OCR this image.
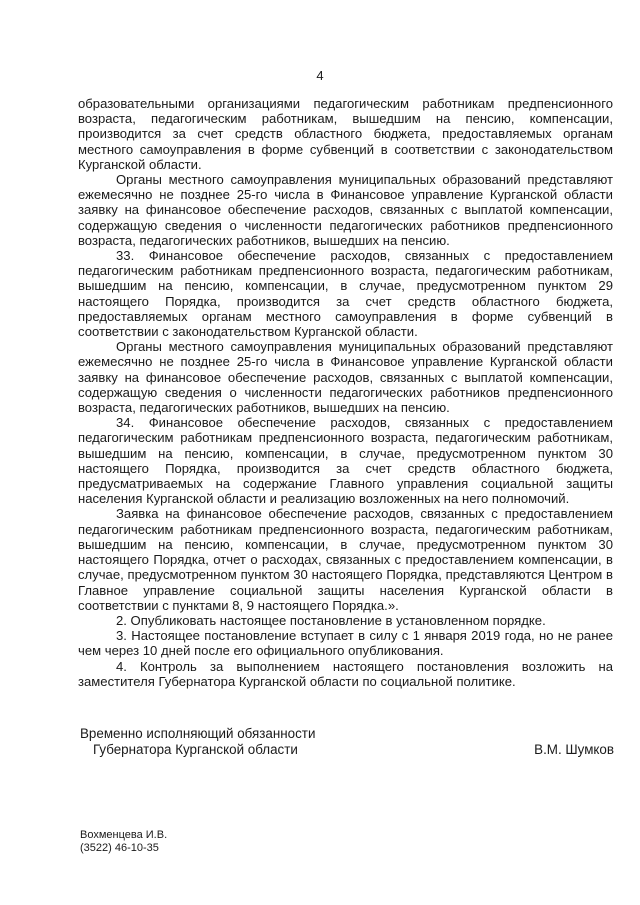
4

образовательными организациями педагогическим работникам предпенсионного возраста, педагогическим работникам, вышедшим на пенсию, компенсации, производится за счет средств областного бюджета, предоставляемых органам местного самоуправления в форме субвенций в соответствии с законодательством Курганской области.

Органы местного самоуправления муниципальных образований представляют ежемесячно не позднее 25-го числа в Финансовое управление Курганской области заявку на финансовое обеспечение расходов, связанных с выплатой компенсации, содержащую сведения о численности педагогических работников предпенсионного возраста, педагогических работников, вышедших на пенсию.

33. Финансовое обеспечение расходов, связанных с предоставлением педагогическим работникам предпенсионного возраста, педагогическим работникам, вышедшим на пенсию, компенсации, в случае, предусмотренном пунктом 29 настоящего Порядка, производится за счет средств областного бюджета, предоставляемых органам местного самоуправления в форме субвенций в соответствии с законодательством Курганской области.

Органы местного самоуправления муниципальных образований представляют ежемесячно не позднее 25-го числа в Финансовое управление Курганской области заявку на финансовое обеспечение расходов, связанных с выплатой компенсации, содержащую сведения о численности педагогических работников предпенсионного возраста, педагогических работников, вышедших на пенсию.

34. Финансовое обеспечение расходов, связанных с предоставлением педагогическим работникам предпенсионного возраста, педагогическим работникам, вышедшим на пенсию, компенсации, в случае, предусмотренном пунктом 30 настоящего Порядка, производится за счет средств областного бюджета, предусматриваемых на содержание Главного управления социальной защиты населения Курганской области и реализацию возложенных на него полномочий.

Заявка на финансовое обеспечение расходов, связанных с предоставлением педагогическим работникам предпенсионного возраста, педагогическим работникам, вышедшим на пенсию, компенсации, в случае, предусмотренном пунктом 30 настоящего Порядка, отчет о расходах, связанных с предоставлением компенсации, в случае, предусмотренном пунктом 30 настоящего Порядка, представляются Центром в Главное управление социальной защиты населения Курганской области в соответствии с пунктами 8, 9 настоящего Порядка.».

2. Опубликовать настоящее постановление в установленном порядке.

3. Настоящее постановление вступает в силу с 1 января 2019 года, но не ранее чем через 10 дней после его официального опубликования.

4. Контроль за выполнением настоящего постановления возложить на заместителя Губернатора Курганской области по социальной политике.

Временно исполняющий обязанности
Губернатора Курганской области	В.М. Шумков
Вохменцева И.В.
(3522) 46-10-35
